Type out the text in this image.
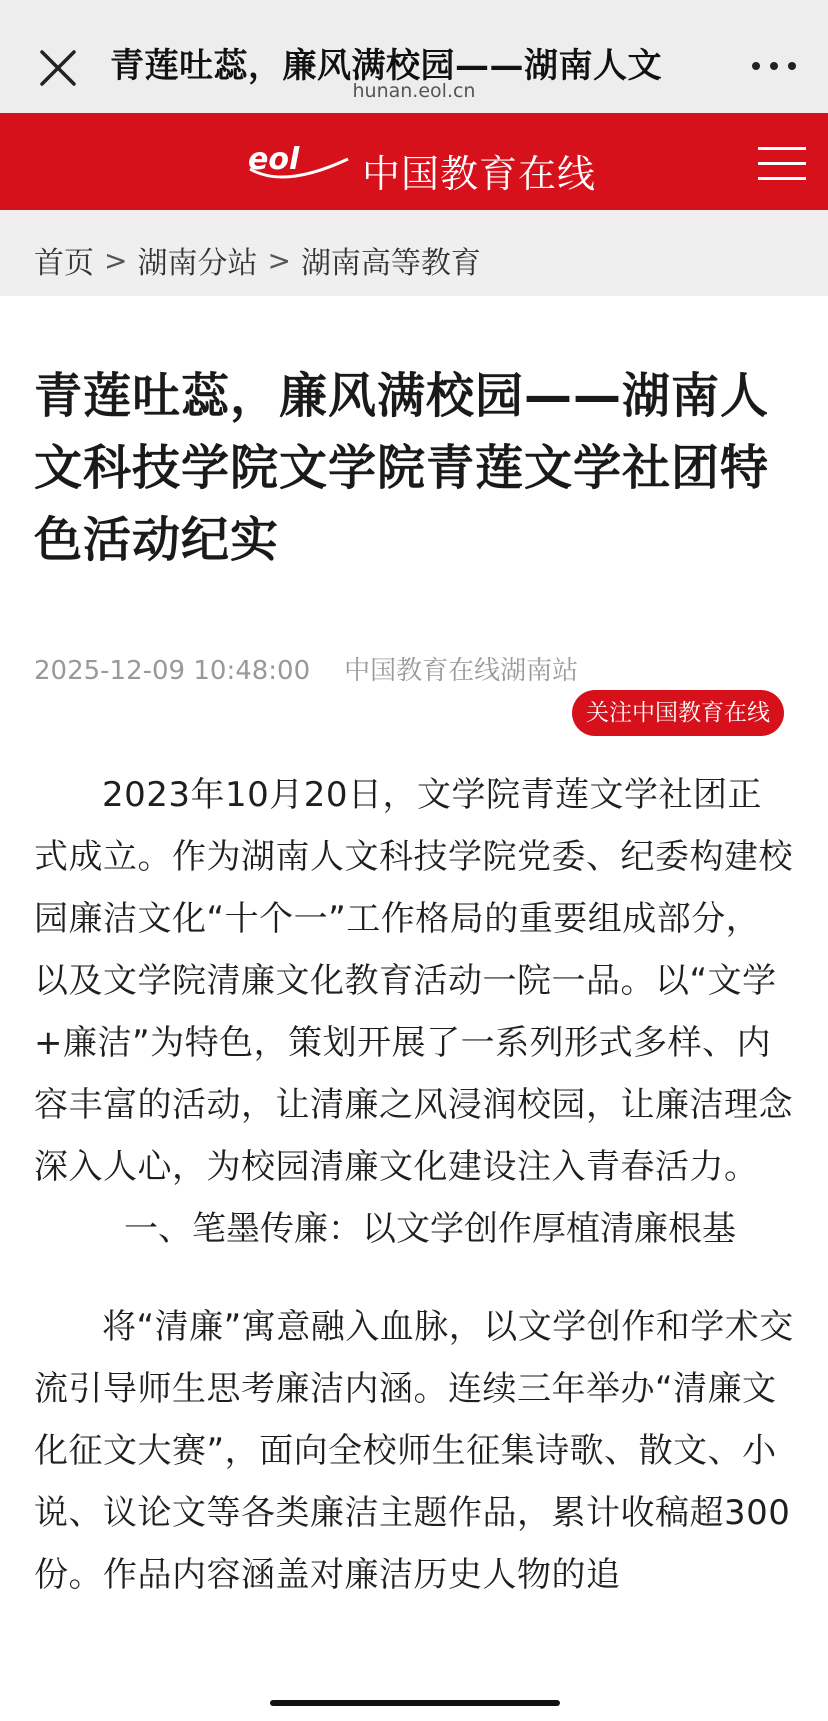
青莲吐蕊，廉风满校园——湖南人文
hunan.eol.cn
eol 中国教育在线
首页 > 湖南分站 > 湖南高等教育
青莲吐蕊，廉风满校园——湖南人文科技学院文学院青莲文学社团特色活动纪实
2025-12-09 10:48:00 中国教育在线湖南站
关注中国教育在线

2023年10月20日，文学院青莲文学社团正式成立。作为湖南人文科技学院党委、纪委构建校园廉洁文化“十个一”工作格局的重要组成部分，以及文学院清廉文化教育活动一院一品。以“文学+廉洁”为特色，策划开展了一系列形式多样、内容丰富的活动，让清廉之风浸润校园，让廉洁理念深入人心，为校园清廉文化建设注入青春活力。

一、笔墨传廉：以文学创作厚植清廉根基

将“清廉”寓意融入血脉，以文学创作和学术交流引导师生思考廉洁内涵。连续三年举办“清廉文化征文大赛”，面向全校师生征集诗歌、散文、小说、议论文等各类廉洁主题作品，累计收稿超300份。作品内容涵盖对廉洁历史人物的追
